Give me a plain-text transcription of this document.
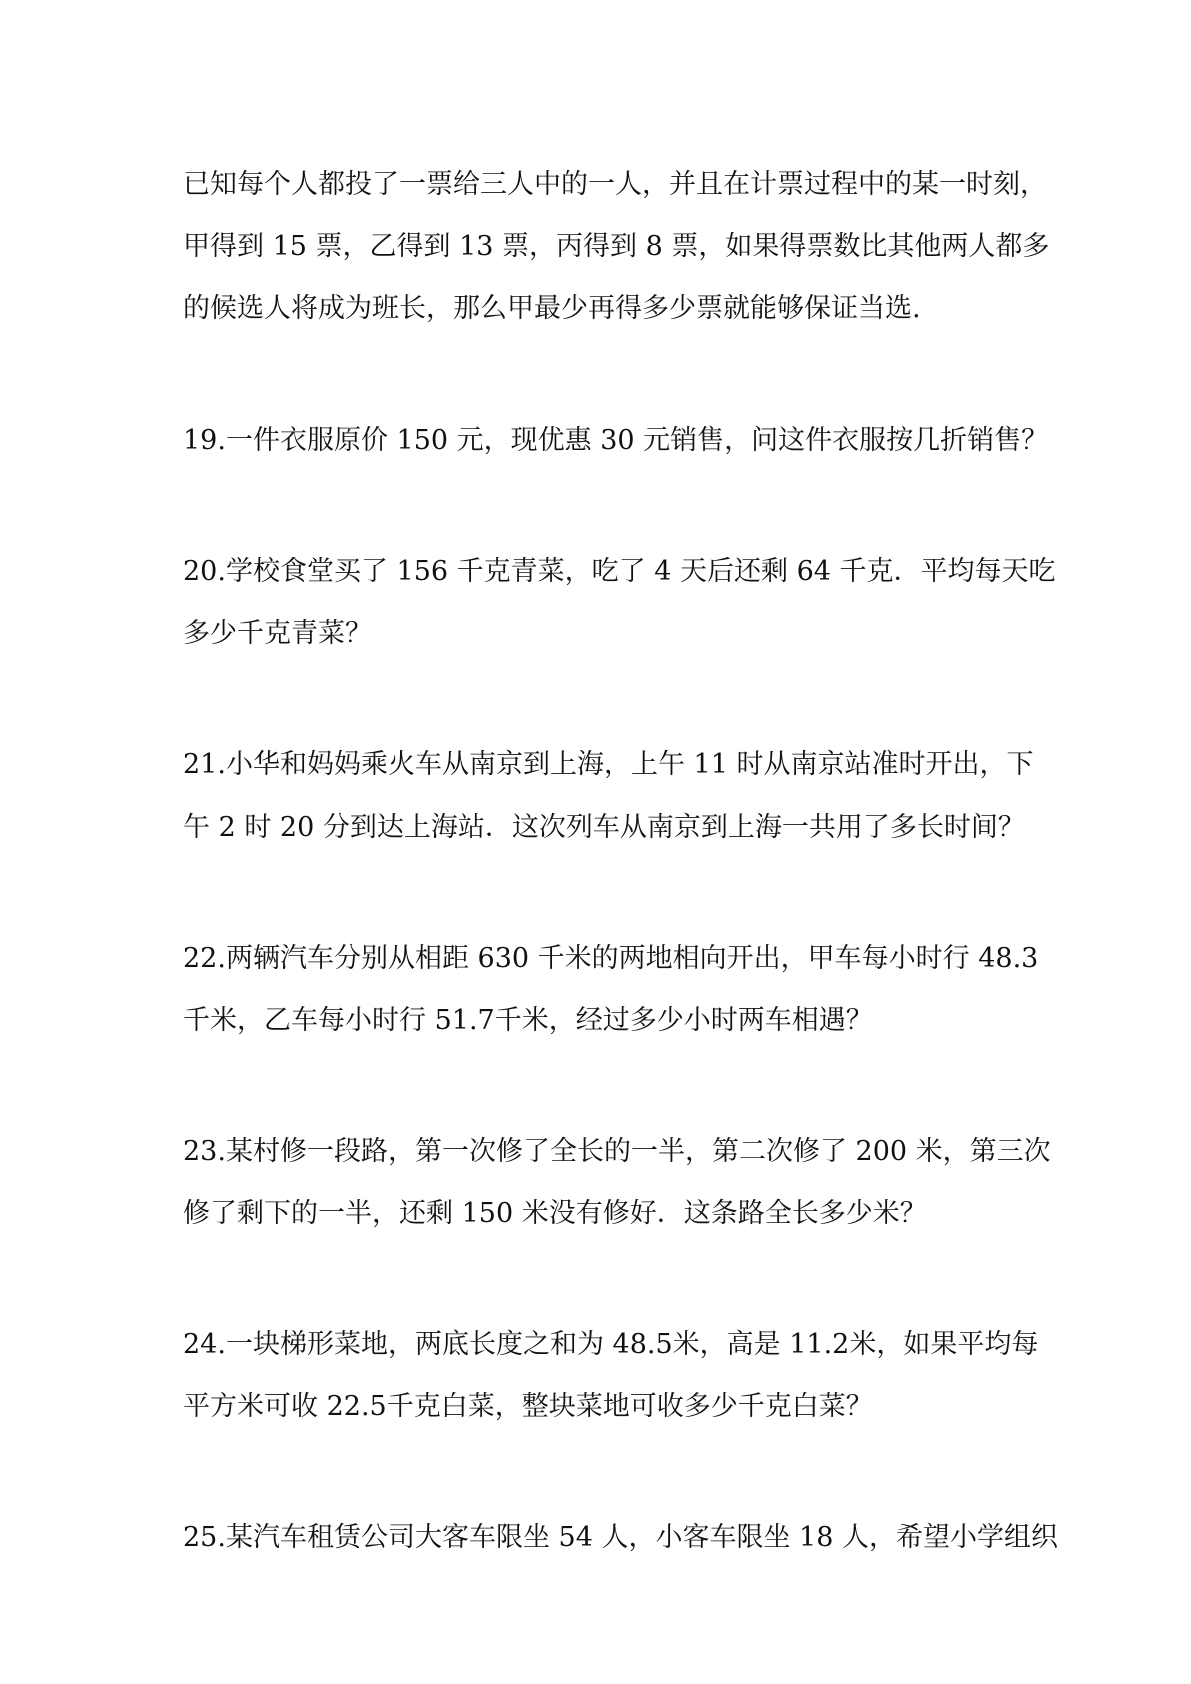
已知每个人都投了一票给三人中的一人，并且在计票过程中的某一时刻，
甲得到 15 票，乙得到 13 票，丙得到 8 票，如果得票数比其他两人都多
的候选人将成为班长，那么甲最少再得多少票就能够保证当选.
19.一件衣服原价 150 元，现优惠 30 元销售，问这件衣服按几折销售？
20.学校食堂买了 156 千克青菜，吃了 4 天后还剩 64 千克．平均每天吃
多少千克青菜？
21.小华和妈妈乘火车从南京到上海，上午 11 时从南京站准时开出，下
午 2 时 20 分到达上海站．这次列车从南京到上海一共用了多长时间？
22.两辆汽车分别从相距 630 千米的两地相向开出，甲车每小时行 48.3
千米，乙车每小时行 51.7千米，经过多少小时两车相遇？
23.某村修一段路，第一次修了全长的一半，第二次修了 200 米，第三次
修了剩下的一半，还剩 150 米没有修好．这条路全长多少米？
24.一块梯形菜地，两底长度之和为 48.5米，高是 11.2米，如果平均每
平方米可收 22.5千克白菜，整块菜地可收多少千克白菜？
25.某汽车租赁公司大客车限坐 54 人，小客车限坐 18 人，希望小学组织
